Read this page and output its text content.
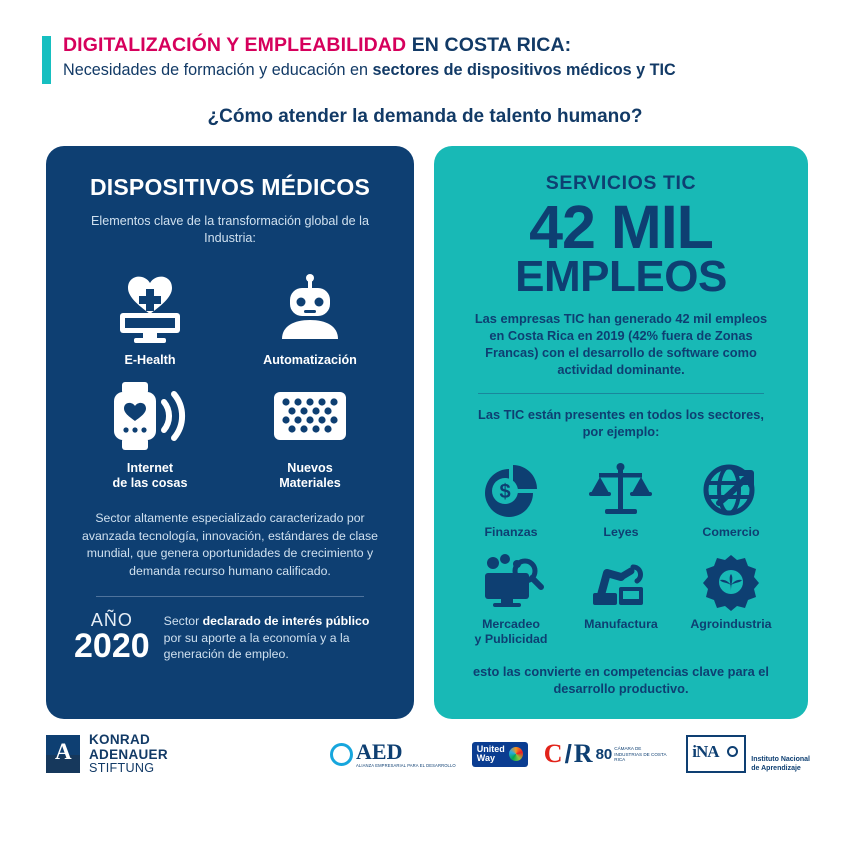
DIGITALIZACIÓN Y EMPLEABILIDAD EN COSTA RICA:
Necesidades de formación y educación en sectores de dispositivos médicos y TIC
¿Cómo atender la demanda de talento humano?
DISPOSITIVOS MÉDICOS
Elementos clave de la transformación global de la Industria:
E-Health	Automatización
Internet
de las cosas
Nuevos
Materiales
Sector altamente especializado caracterizado por avanzada tecnología, innovación, estándares de clase mundial, que genera oportunidades de crecimiento y demanda recurso humano calificado.
AÑO
2020
Sector declarado de interés público por su aporte a la economía y a la generación de empleo.
SERVICIOS TIC
42 MIL
EMPLEOS
Las empresas TIC han generado 42 mil empleos en Costa Rica en 2019 (42% fuera de Zonas Francas) con el desarrollo de software como actividad dominante.
Las TIC están presentes en todos los sectores, por ejemplo:
$
Finanzas	Leyes	Comercio
Mercadeo
y Publicidad
Manufactura	Agroindustria
esto las convierte en competencias clave para el desarrollo productivo.
A KONRAD
ADENAUER
STIFTUNG
AED
ALIANZA EMPRESARIAL PARA EL DESARROLLO
United
Way	C / R 80 CÁMARA DE INDUSTRIAS DE COSTA RICA	iNA	Instituto Nacional
de Aprendizaje
